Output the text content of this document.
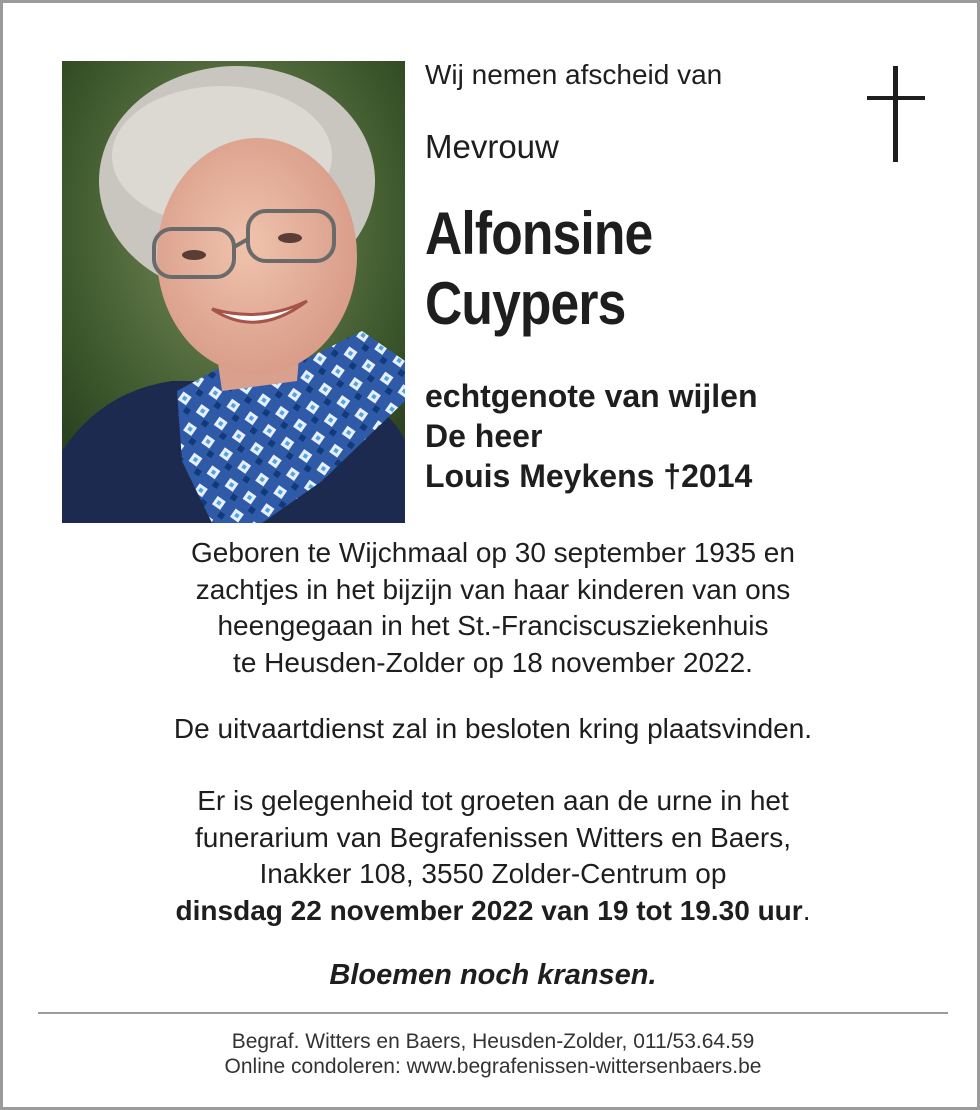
Wij nemen afscheid van
Mevrouw
Alfonsine
Cuypers
echtgenote van wijlen
De heer
Louis Meykens †2014
Geboren te Wijchmaal op 30 september 1935 en
zachtjes in het bijzijn van haar kinderen van ons
heengegaan in het St.-Franciscusziekenhuis
te Heusden-Zolder op 18 november 2022.
De uitvaartdienst zal in besloten kring plaatsvinden.
Er is gelegenheid tot groeten aan de urne in het
funerarium van Begrafenissen Witters en Baers,
Inakker 108, 3550 Zolder-Centrum op
dinsdag 22 november 2022 van 19 tot 19.30 uur.
Bloemen noch kransen.
Begraf. Witters en Baers, Heusden-Zolder, 011/53.64.59
Online condoleren: www.begrafenissen-wittersenbaers.be
